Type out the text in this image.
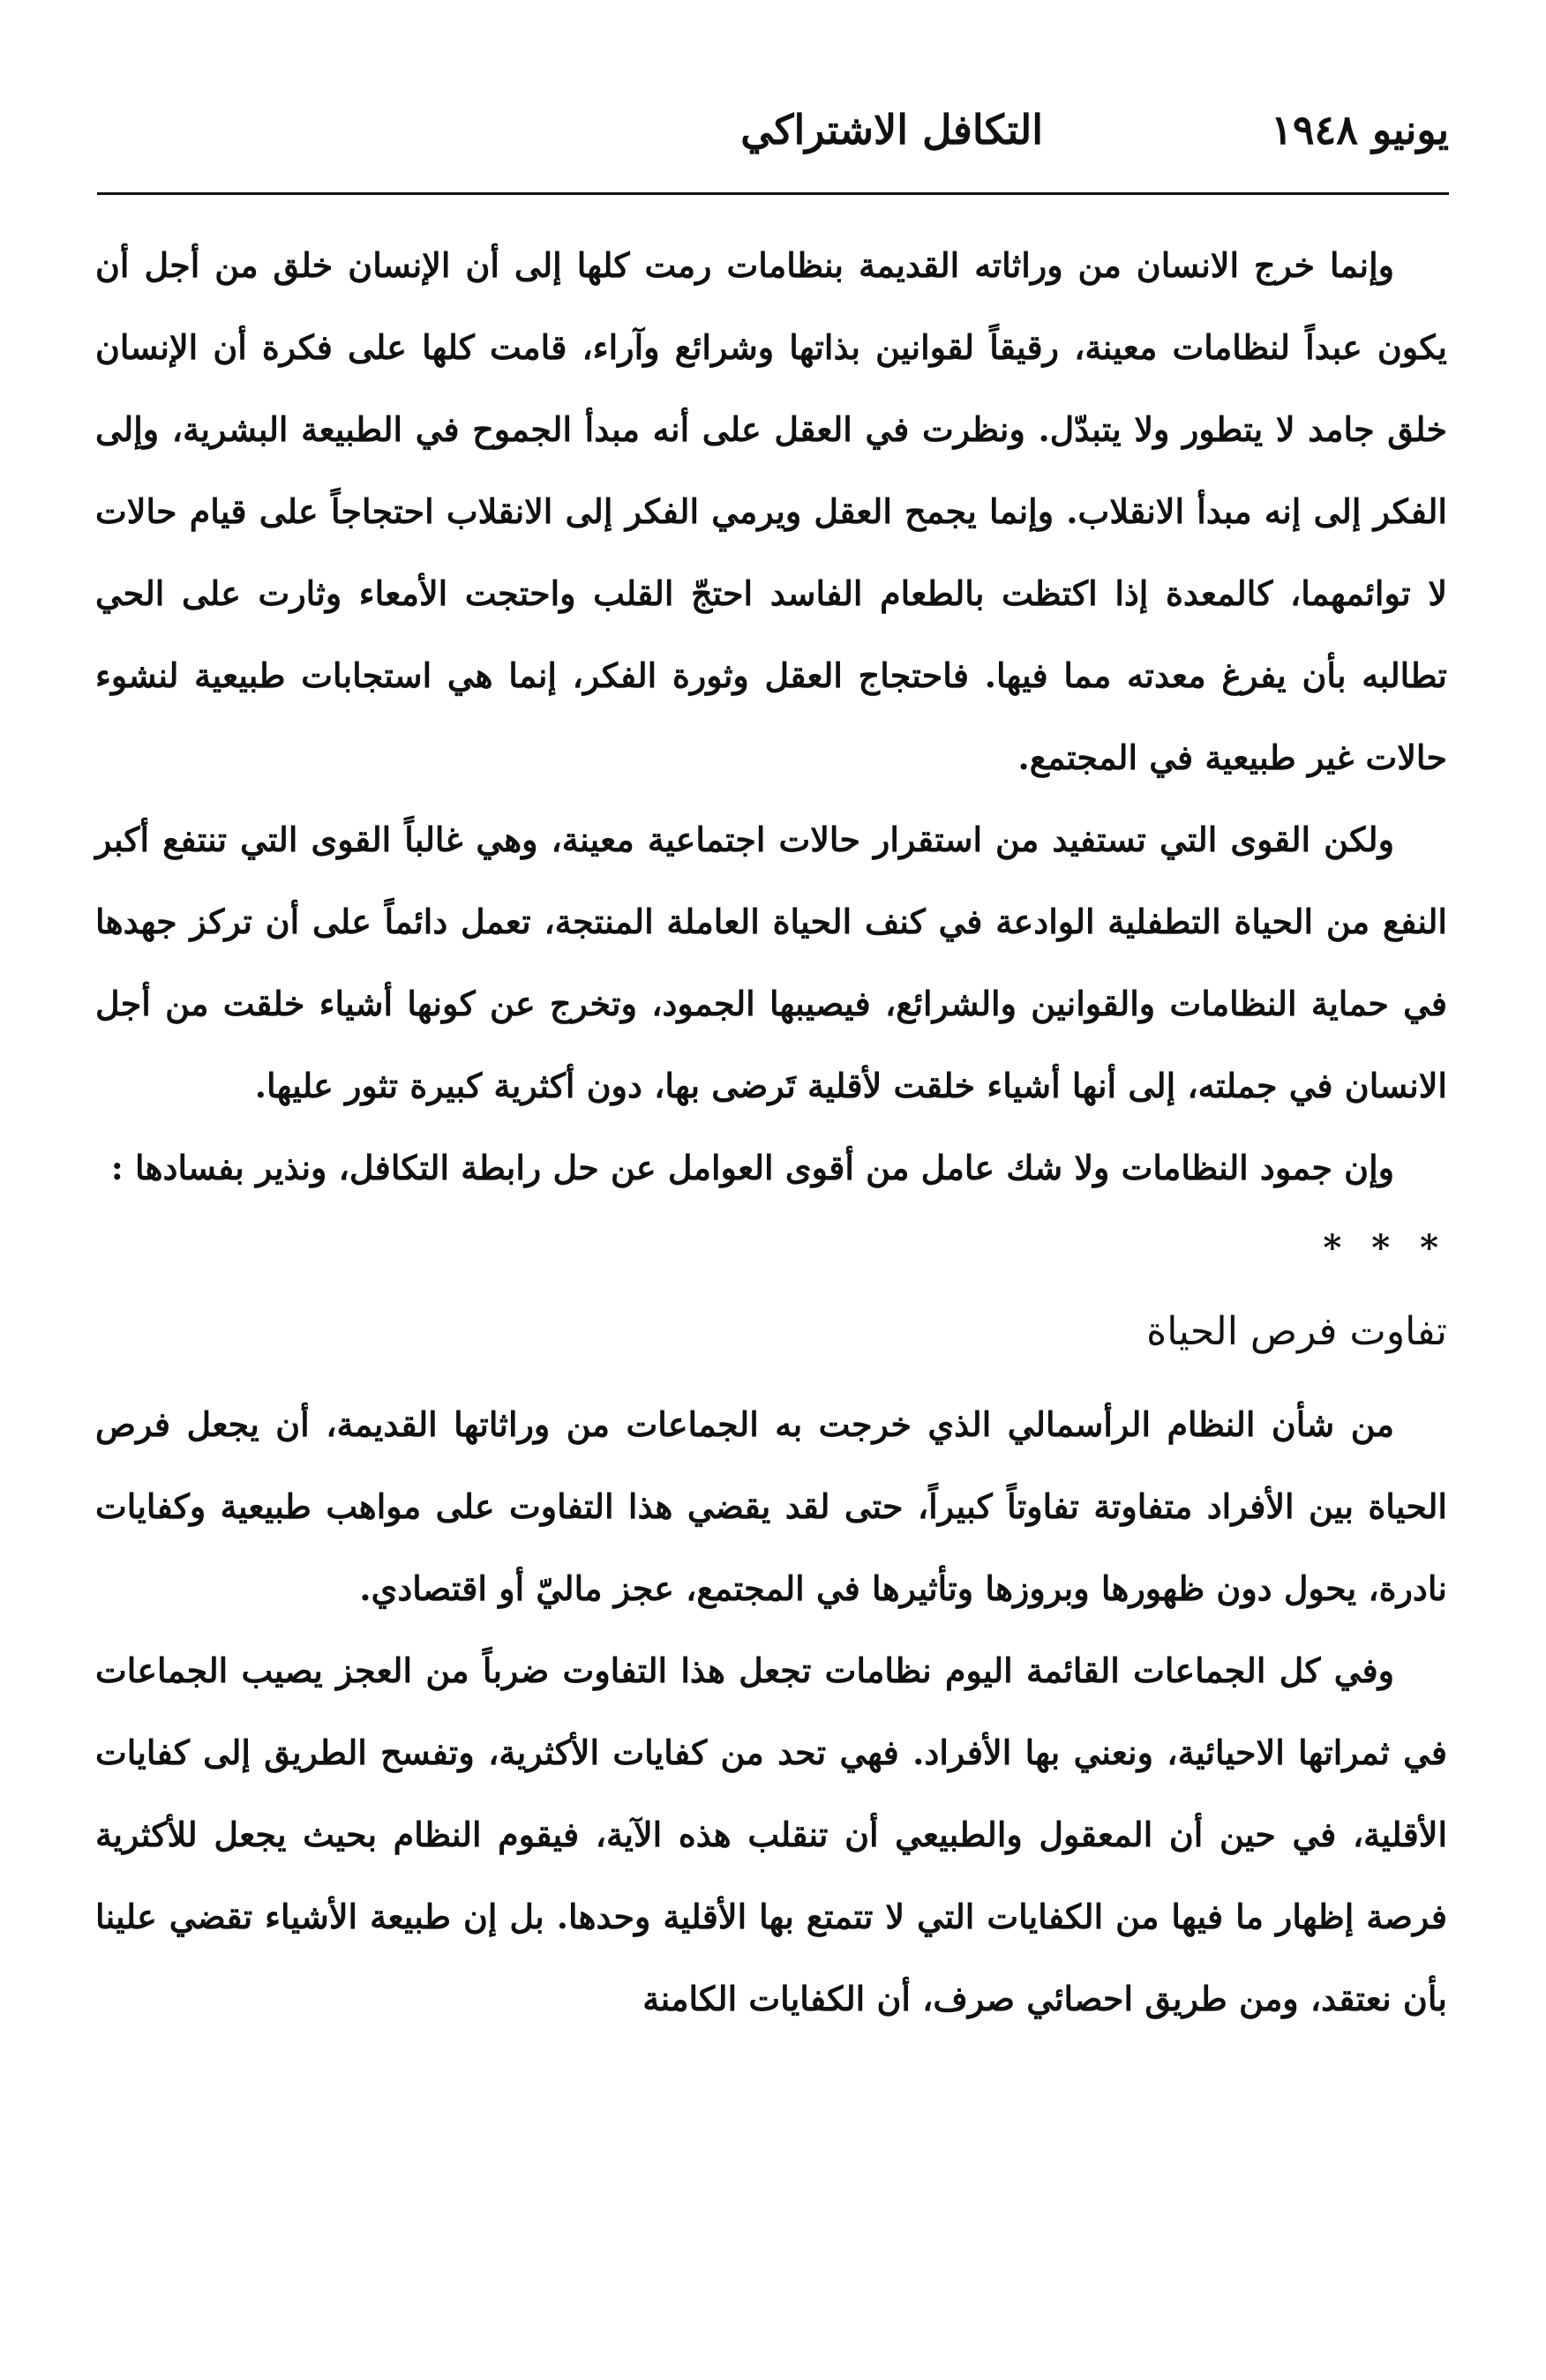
يونيو ١٩٤٨
التكافل الاشتراكي

وإنما خرج الانسان من وراثاته القديمة بنظامات رمت كلها إلى أن الإنسان خلق من أجل أن يكون عبداً لنظامات معينة، رقيقاً لقوانين بذاتها وشرائع وآراء، قامت كلها على فكرة أن الإنسان خلق جامد لا يتطور ولا يتبدّل. ونظرت في العقل على أنه مبدأ الجموح في الطبيعة البشرية، وإلى الفكر إلى إنه مبدأ الانقلاب. وإنما يجمح العقل ويرمي الفكر إلى الانقلاب احتجاجاً على قيام حالات لا توائمهما، كالمعدة إذا اكتظت بالطعام الفاسد احتجّ القلب واحتجت الأمعاء وثارت على الحي تطالبه بأن يفرغ معدته مما فيها. فاحتجاج العقل وثورة الفكر، إنما هي استجابات طبيعية لنشوء حالات غير طبيعية في المجتمع.

ولكن القوى التي تستفيد من استقرار حالات اجتماعية معينة، وهي غالباً القوى التي تنتفع أكبر النفع من الحياة التطفلية الوادعة في كنف الحياة العاملة المنتجة، تعمل دائماً على أن تركز جهدها في حماية النظامات والقوانين والشرائع، فيصيبها الجمود، وتخرج عن كونها أشياء خلقت من أجل الانسان في جملته، إلى أنها أشياء خلقت لأقلية تَرضى بها، دون أكثرية كبيرة تثور عليها.

وإن جمود النظامات ولا شك عامل من أقوى العوامل عن حل رابطة التكافل، ونذير بفسادها :

* * *

تفاوت فرص الحياة

من شأن النظام الرأسمالي الذي خرجت به الجماعات من وراثاتها القديمة، أن يجعل فرص الحياة بين الأفراد متفاوتة تفاوتاً كبيراً، حتى لقد يقضي هذا التفاوت على مواهب طبيعية وكفايات نادرة، يحول دون ظهورها وبروزها وتأثيرها في المجتمع، عجز ماليّ أو اقتصادي.

وفي كل الجماعات القائمة اليوم نظامات تجعل هذا التفاوت ضرباً من العجز يصيب الجماعات في ثمراتها الاحيائية، ونعني بها الأفراد. فهي تحد من كفايات الأكثرية، وتفسح الطريق إلى كفايات الأقلية، في حين أن المعقول والطبيعي أن تنقلب هذه الآية، فيقوم النظام بحيث يجعل للأكثرية فرصة إظهار ما فيها من الكفايات التي لا تتمتع بها الأقلية وحدها. بل إن طبيعة الأشياء تقضي علينا بأن نعتقد، ومن طريق احصائي صرف، أن الكفايات الكامنة
